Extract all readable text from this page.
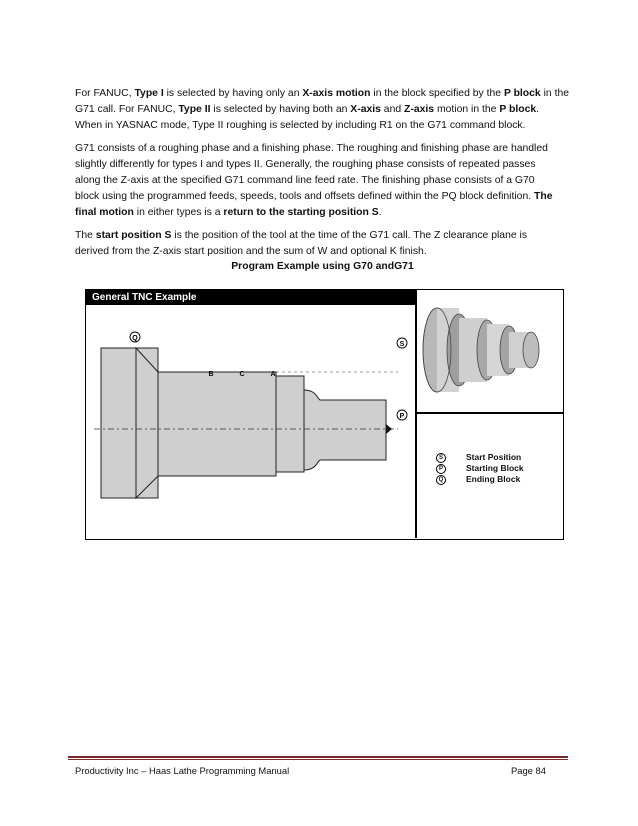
For FANUC, Type I is selected by having only an X-axis motion in the block specified by the P block in the
G71 call. For FANUC, Type II is selected by having both an X-axis and Z-axis motion in the P block.
When in YASNAC mode, Type II roughing is selected by including R1 on the G71 command block.

G71 consists of a roughing phase and a finishing phase. The roughing and finishing phase are handled
slightly differently for types I and types II. Generally, the roughing phase consists of repeated passes
along the Z-axis at the specified G71 command line feed rate. The finishing phase consists of a G70
block using the programmed feeds, speeds, tools and offsets defined within the PQ block definition. The
final motion in either types is a return to the starting position S.

The start position S is the position of the tool at the time of the G71 call. The Z clearance plane is
derived from the Z-axis start position and the sum of W and optional K finish.

Program Example using G70 andG71

General TNC Example
B	C	A
Q
S
P
S	Start Position
P	Starting Block
Q	Ending Block
Productivity Inc – Haas Lathe Programming Manual	Page 84
